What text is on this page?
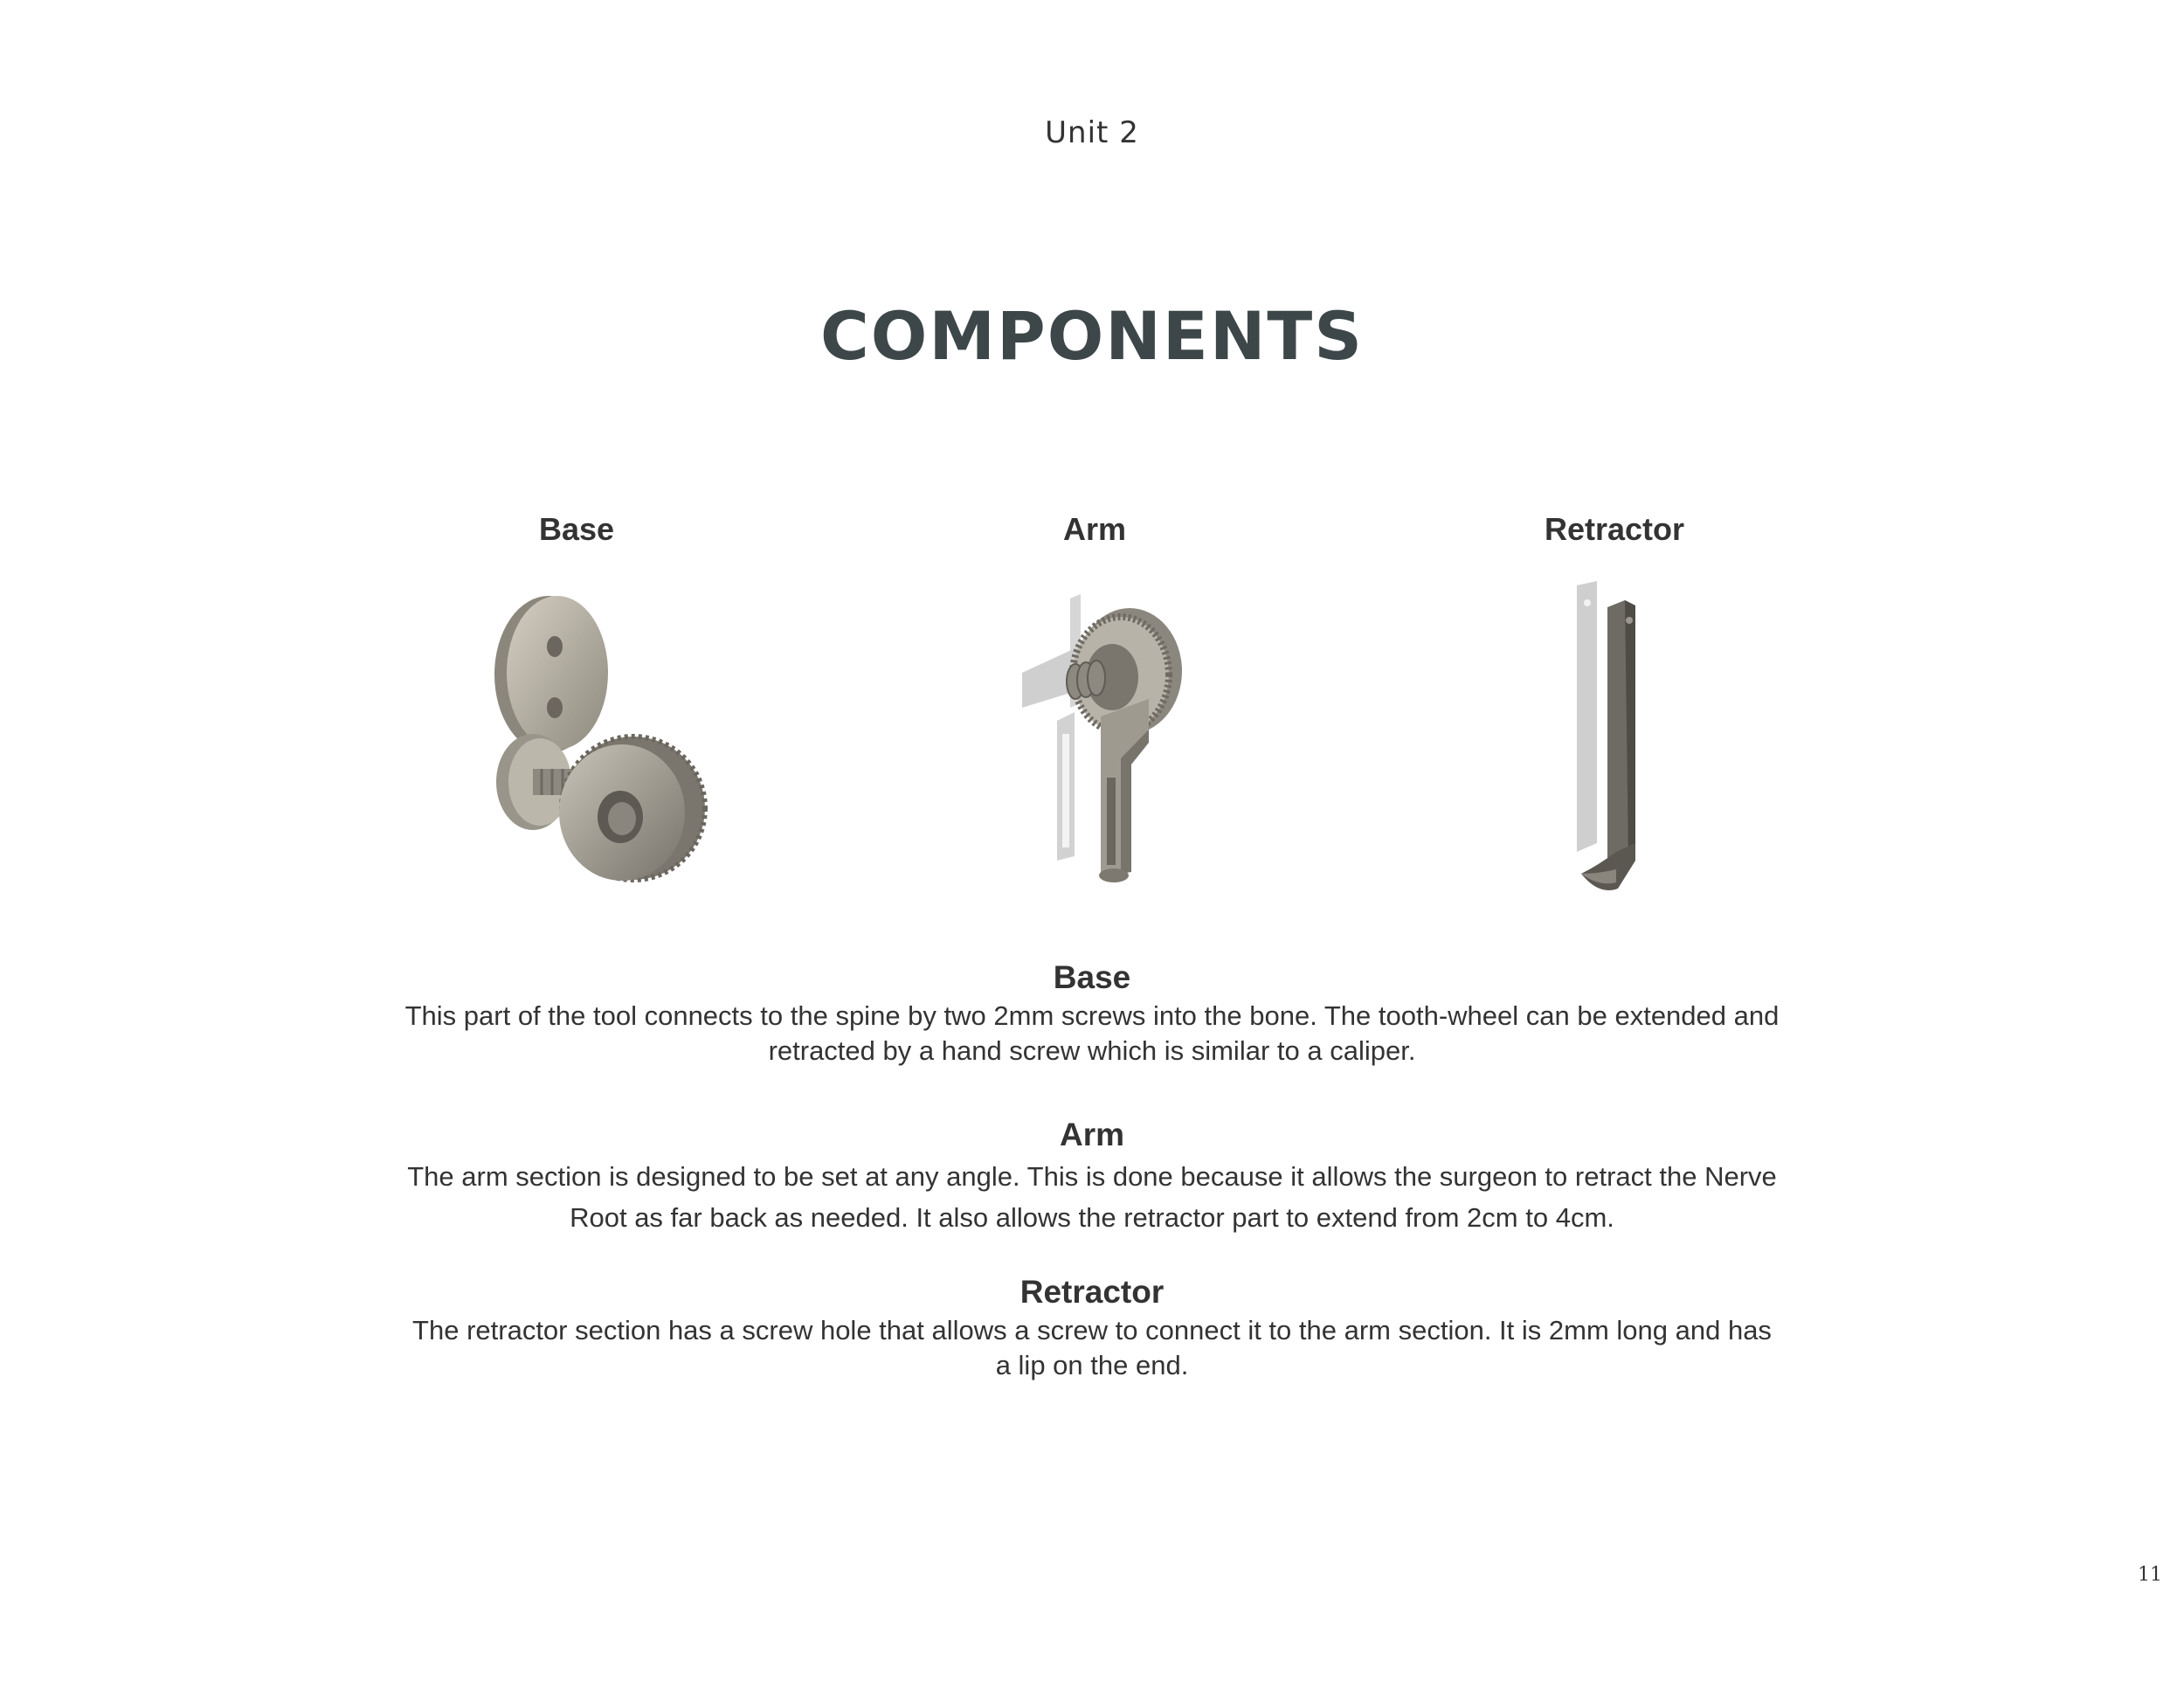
Unit 2
COMPONENTS
Base	Arm	Retractor
Base
This part of the tool connects to the spine by two 2mm screws into the bone. The tooth-wheel can be extended and retracted by a hand screw which is similar to a caliper.
Arm
The arm section is designed to be set at any angle. This is done because it allows the surgeon to retract the Nerve Root as far back as needed. It also allows the retractor part to extend from 2cm to 4cm.
Retractor
The retractor section has a screw hole that allows a screw to connect it to the arm section. It is 2mm long and has a lip on the end.
11
